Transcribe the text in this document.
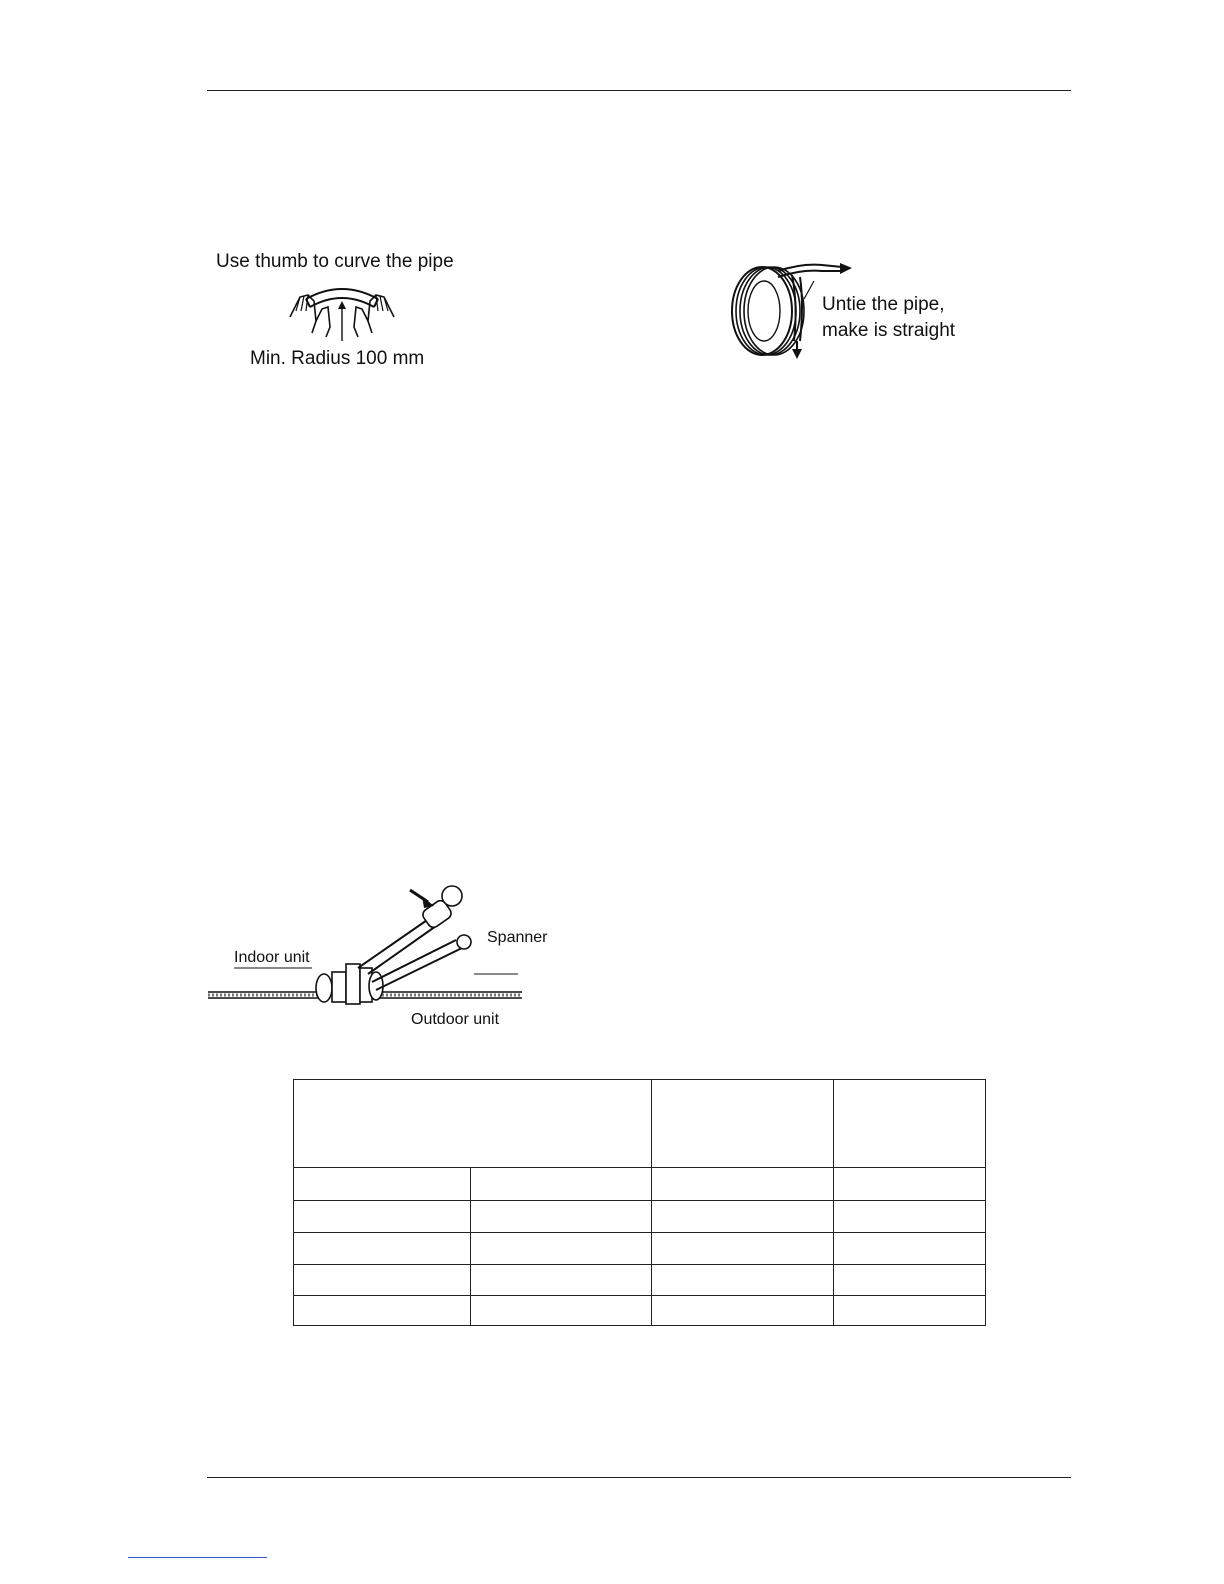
Use thumb to curve the pipe
Min. Radius 100 mm
Untie the pipe,
make is straight
Spanner
Indoor unit
Outdoor unit
